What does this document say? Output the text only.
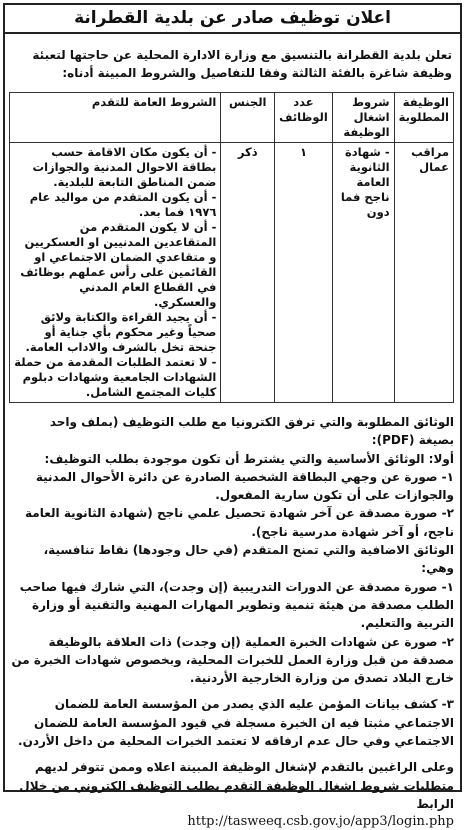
اعلان توظيف صادر عن بلدية القطرانة
تعلن بلدية القطرانة بالتنسيق مع وزارة الادارة المحلية عن حاجتها لتعبئة وظيفة شاغرة بالفئة الثالثة وفقا للتفاصيل والشروط المبينة أدناه:
الوظيفة المطلوبة	شروط اشغال الوظيفة	عدد الوظائف	الجنس	الشروط العامة للتقدم
مراقب عمال	- شهادة الثانوية العامة ناجح فما دون	١	ذكر	- أن يكون مكان الاقامة حسب بطاقة الاحوال المدنية والجوازات ضمن المناطق التابعة للبلدية.
- أن يكون المتقدم من مواليد عام ١٩٧٦ فما بعد.
- أن لا يكون المتقدم من المتقاعدين المدنيين او العسكريين و متقاعدي الضمان الاجتماعي او القائمين على رأس عملهم بوظائف في القطاع العام المدني والعسكري.
- أن يجيد القراءة والكتابة ولائق صحياً وغير محكوم بأي جناية أو جنحة تخل بالشرف والاداب العامة.
- لا تعتمد الطلبات المقدمة من حملة الشهادات الجامعية وشهادات دبلوم كليات المجتمع الشامل.

الوثائق المطلوبة والتي ترفق الكترونيا مع طلب التوظيف (بملف واحد بصيغة (PDF):

أولا: الوثائق الأساسية والتي يشترط أن تكون موجودة بطلب التوظيف:

١- صورة عن وجهي البطاقة الشخصية الصادرة عن دائرة الأحوال المدنية والجوازات على أن تكون سارية المفعول.

٢- صورة مصدقة عن آخر شهادة تحصيل علمي ناجح (شهادة الثانوية العامة ناجح، أو آخر شهادة مدرسية ناجح).

الوثائق الاضافية والتي تمنح المتقدم (في حال وجودها) نقاط تنافسية، وهي:

١- صورة مصدقة عن الدورات التدريبية (إن وجدت)، التي شارك فيها صاحب الطلب مصدقة من هيئة تنمية وتطوير المهارات المهنية والتقنية أو وزارة التربية والتعليم.

٢- صورة عن شهادات الخبرة العملية (إن وجدت) ذات العلاقة بالوظيفة مصدقة من قبل وزارة العمل للخبرات المحلية، وبخصوص شهادات الخبرة من خارج البلاد تصدق من وزارة الخارجية الأردنية.

٣- كشف بيانات المؤمن عليه الذي يصدر من المؤسسة العامة للضمان الاجتماعي مثبتا فيه ان الخبرة مسجلة في قيود المؤسسة العامة للضمان الاجتماعي وفي حال عدم ارفاقه لا تعتمد الخبرات المحلية من داخل الأردن.

وعلى الراغبين بالتقدم لإشغال الوظيفة المبينة اعلاه وممن تتوفر لديهم متطلبات شروط اشغال الوظيفة التقدم بطلب التوظيف الكتروني من خلال الرابط

http://tasweeq.csb.gov.jo/app3/login.php
